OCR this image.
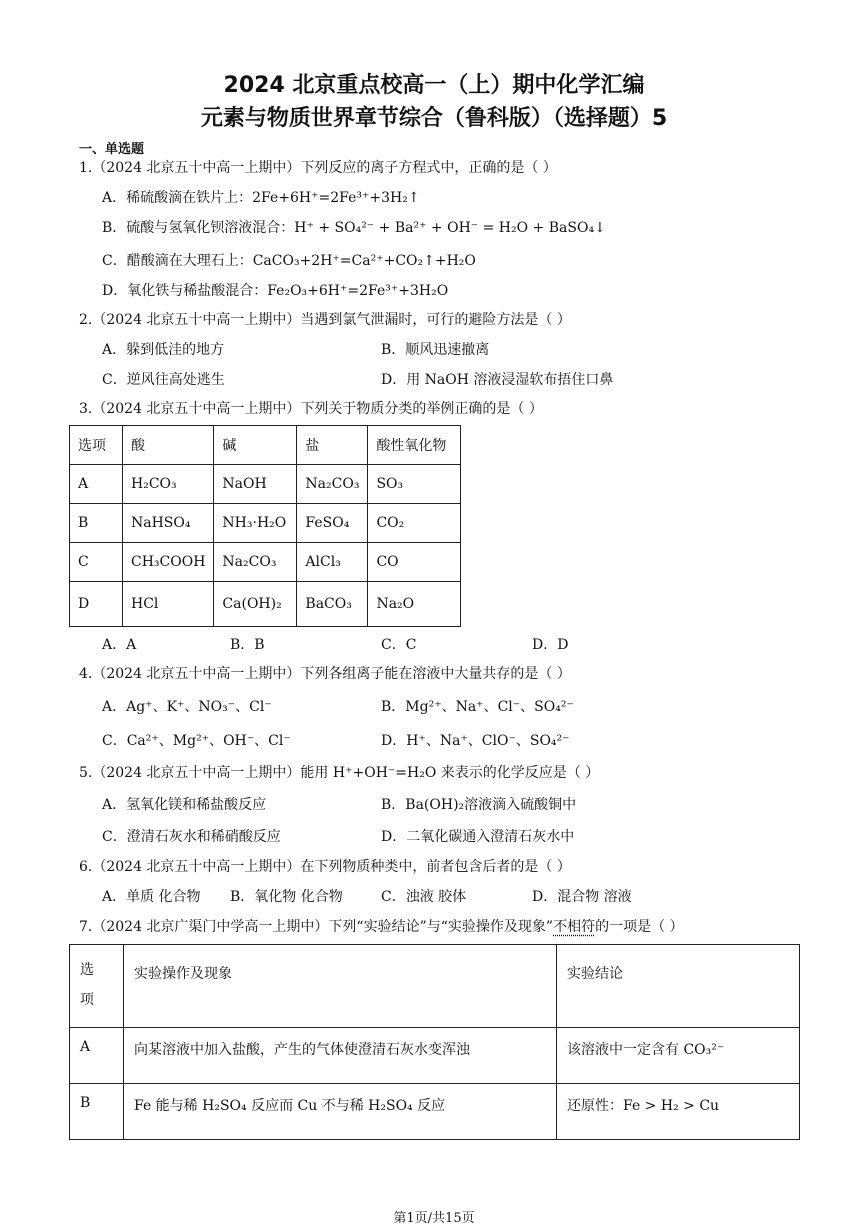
2024 北京重点校高一（上）期中化学汇编
元素与物质世界章节综合（鲁科版）（选择题）5
一、单选题
1.（2024 北京五十中高一上期中）下列反应的离子方程式中，正确的是（ ）
A．稀硫酸滴在铁片上：2Fe+6H⁺=2Fe³⁺+3H₂↑
B．硫酸与氢氧化钡溶液混合：H⁺ + SO₄²⁻ + Ba²⁺ + OH⁻ = H₂O + BaSO₄↓
C．醋酸滴在大理石上：CaCO₃+2H⁺=Ca²⁺+CO₂↑+H₂O
D．氧化铁与稀盐酸混合：Fe₂O₃+6H⁺=2Fe³⁺+3H₂O
2.（2024 北京五十中高一上期中）当遇到氯气泄漏时，可行的避险方法是（ ）
A．躲到低洼的地方	B．顺风迅速撤离
C．逆风往高处逃生	D．用 NaOH 溶液浸湿软布捂住口鼻
3.（2024 北京五十中高一上期中）下列关于物质分类的举例正确的是（ ）
选项	酸	碱	盐	酸性氧化物
A	H₂CO₃	NaOH	Na₂CO₃	SO₃
B	NaHSO₄	NH₃·H₂O	FeSO₄	CO₂
C	CH₃COOH	Na₂CO₃	AlCl₃	CO
D	HCl	Ca(OH)₂	BaCO₃	Na₂O
A．A	B．B	C．C	D．D
4.（2024 北京五十中高一上期中）下列各组离子能在溶液中大量共存的是（ ）
A．Ag⁺、K⁺、NO₃⁻、Cl⁻	B．Mg²⁺、Na⁺、Cl⁻、SO₄²⁻
C．Ca²⁺、Mg²⁺、OH⁻、Cl⁻	D．H⁺、Na⁺、ClO⁻、SO₄²⁻
5.（2024 北京五十中高一上期中）能用 H⁺+OH⁻=H₂O 来表示的化学反应是（ ）
A．氢氧化镁和稀盐酸反应	B．Ba(OH)₂溶液滴入硫酸铜中
C．澄清石灰水和稀硝酸反应	D．二氧化碳通入澄清石灰水中
6.（2024 北京五十中高一上期中）在下列物质种类中，前者包含后者的是（ ）
A．单质 化合物 B．氧化物 化合物	C．浊液 胶体	D．混合物 溶液
7.（2024 北京广渠门中学高一上期中）下列“实验结论”与“实验操作及现象”不相符的一项是（ ）
选项	实验操作及现象	实验结论
A	向某溶液中加入盐酸，产生的气体使澄清石灰水变浑浊	该溶液中一定含有 CO₃²⁻
B	Fe 能与稀 H₂SO₄ 反应而 Cu 不与稀 H₂SO₄ 反应	还原性：Fe > H₂ > Cu
第1页/共15页
